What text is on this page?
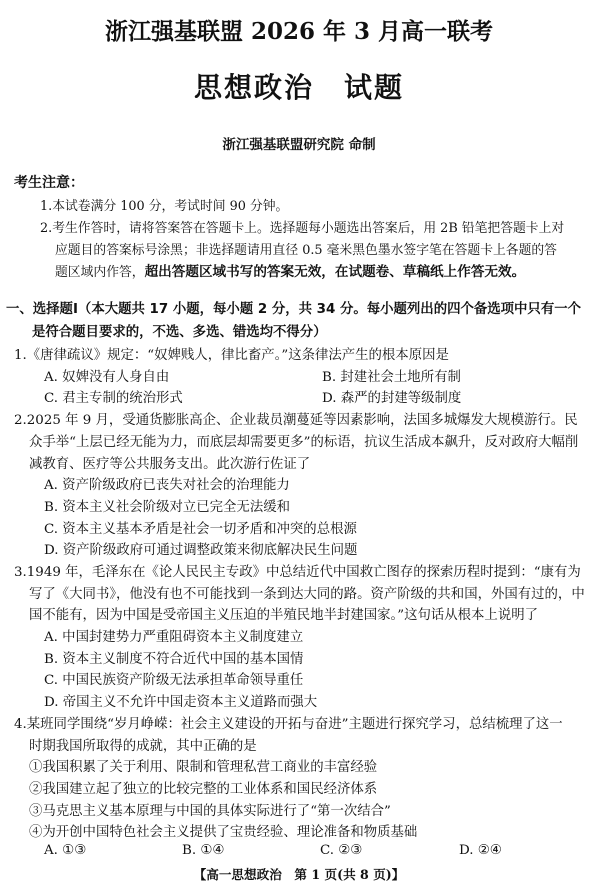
浙江强基联盟 2026 年 3 月高一联考
思想政治　试题
浙江强基联盟研究院 命制
考生注意：
1.本试卷满分 100 分，考试时间 90 分钟。
2.考生作答时，请将答案答在答题卡上。选择题每小题选出答案后，用 2B 铅笔把答题卡上对
应题目的答案标号涂黑；非选择题请用直径 0.5 毫米黑色墨水签字笔在答题卡上各题的答
题区域内作答，超出答题区域书写的答案无效，在试题卷、草稿纸上作答无效。
一、选择题Ⅰ（本大题共 17 小题，每小题 2 分，共 34 分。每小题列出的四个备选项中只有一个
是符合题目要求的，不选、多选、错选均不得分）
1.《唐律疏议》规定：“奴婢贱人，律比畜产。”这条律法产生的根本原因是
A. 奴婢没有人身自由	B. 封建社会土地所有制
C. 君主专制的统治形式	D. 森严的封建等级制度
2.2025 年 9 月，受通货膨胀高企、企业裁员潮蔓延等因素影响，法国多城爆发大规模游行。民
众手举“上层已经无能为力，而底层却需要更多”的标语，抗议生活成本飙升，反对政府大幅削
减教育、医疗等公共服务支出。此次游行佐证了
A. 资产阶级政府已丧失对社会的治理能力
B. 资本主义社会阶级对立已完全无法缓和
C. 资本主义基本矛盾是社会一切矛盾和冲突的总根源
D. 资产阶级政府可通过调整政策来彻底解决民生问题
3.1949 年，毛泽东在《论人民民主专政》中总结近代中国救亡图存的探索历程时提到：“康有为
写了《大同书》，他没有也不可能找到一条到达大同的路。资产阶级的共和国，外国有过的，中
国不能有，因为中国是受帝国主义压迫的半殖民地半封建国家。”这句话从根本上说明了
A. 中国封建势力严重阻碍资本主义制度建立
B. 资本主义制度不符合近代中国的基本国情
C. 中国民族资产阶级无法承担革命领导重任
D. 帝国主义不允许中国走资本主义道路而强大
4.某班同学围绕“岁月峥嵘：社会主义建设的开拓与奋进”主题进行探究学习，总结梳理了这一
时期我国所取得的成就，其中正确的是
①我国积累了关于利用、限制和管理私营工商业的丰富经验
②我国建立起了独立的比较完整的工业体系和国民经济体系
③马克思主义基本原理与中国的具体实际进行了“第一次结合”
④为开创中国特色社会主义提供了宝贵经验、理论准备和物质基础
A. ①③	B. ①④	C. ②③	D. ②④
【高一思想政治　第 1 页(共 8 页)】
